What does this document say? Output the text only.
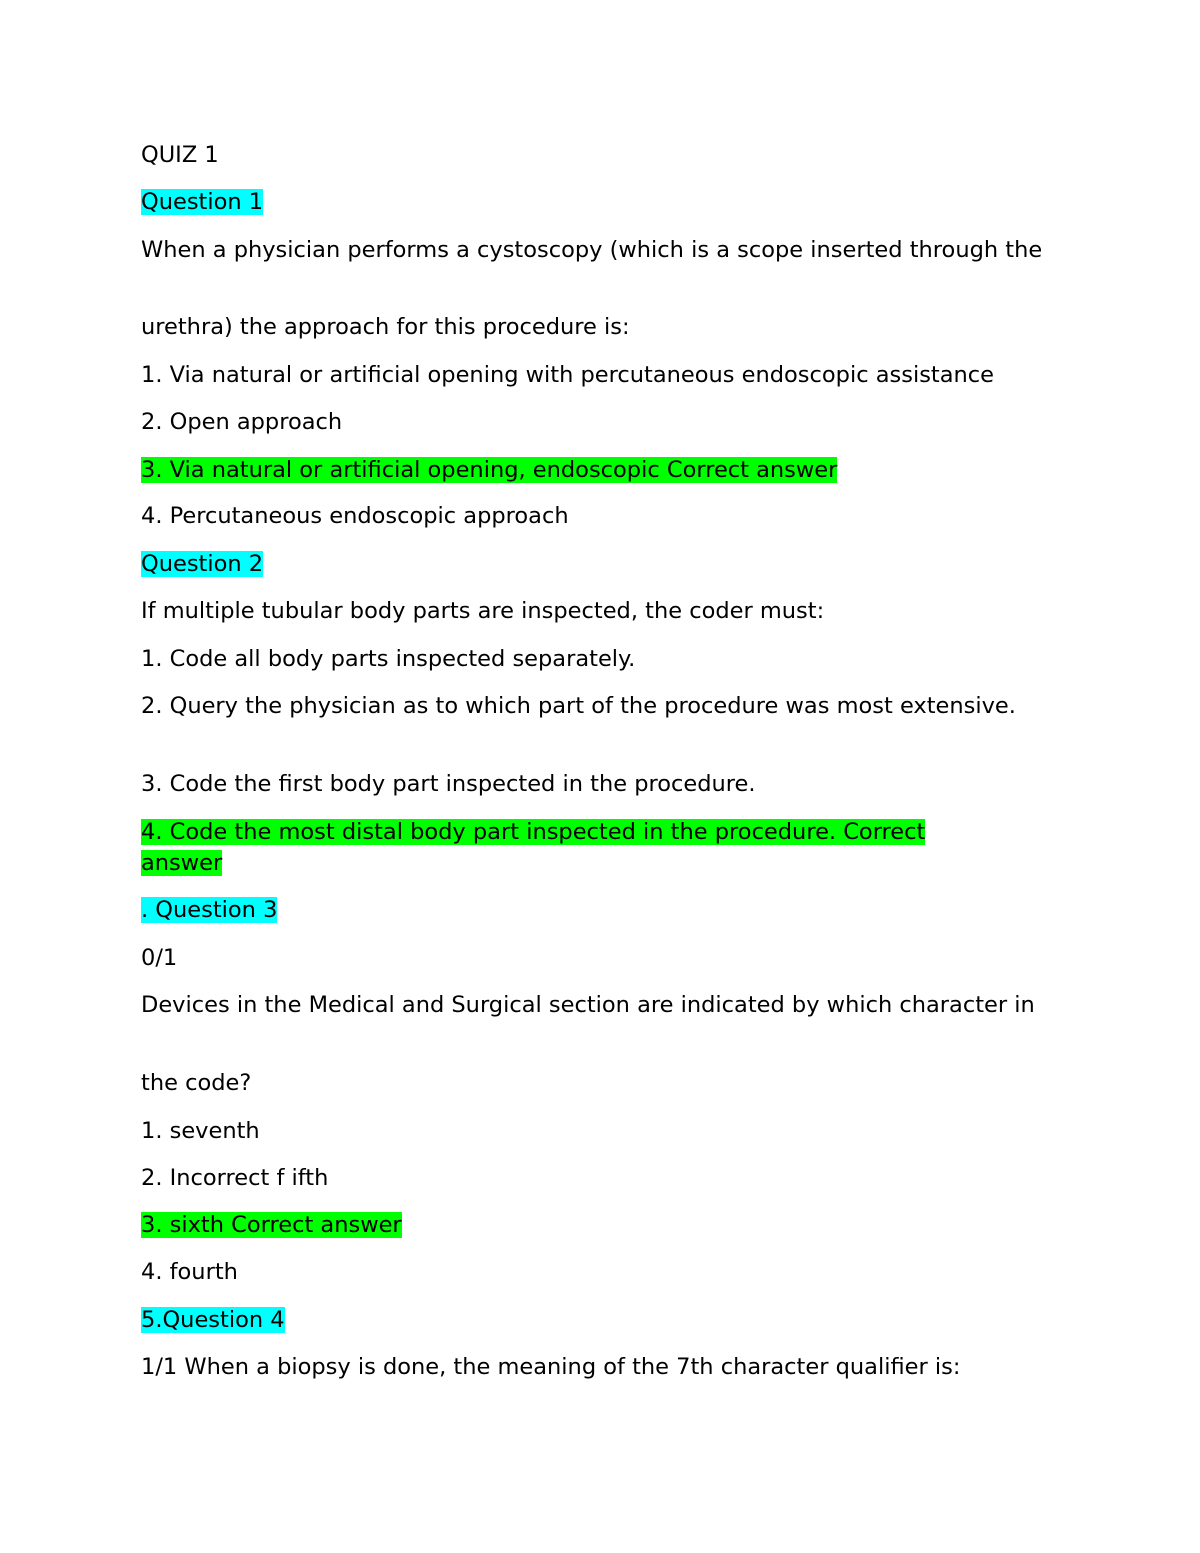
QUIZ 1
Question 1
When a physician performs a cystoscopy (which is a scope inserted through the
urethra) the approach for this procedure is:
1. Via natural or artificial opening with percutaneous endoscopic assistance
2. Open approach
3. Via natural or artificial opening, endoscopic Correct answer
4. Percutaneous endoscopic approach
Question 2
If multiple tubular body parts are inspected, the coder must:
1. Code all body parts inspected separately.
2. Query the physician as to which part of the procedure was most extensive.
3. Code the first body part inspected in the procedure.
4. Code the most distal body part inspected in the procedure. Correct answer
. Question 3
0/1
Devices in the Medical and Surgical section are indicated by which character in
the code?
1. seventh
2. Incorrect f ifth
3. sixth Correct answer
4. fourth
5.Question 4
1/1 When a biopsy is done, the meaning of the 7th character qualifier is:
